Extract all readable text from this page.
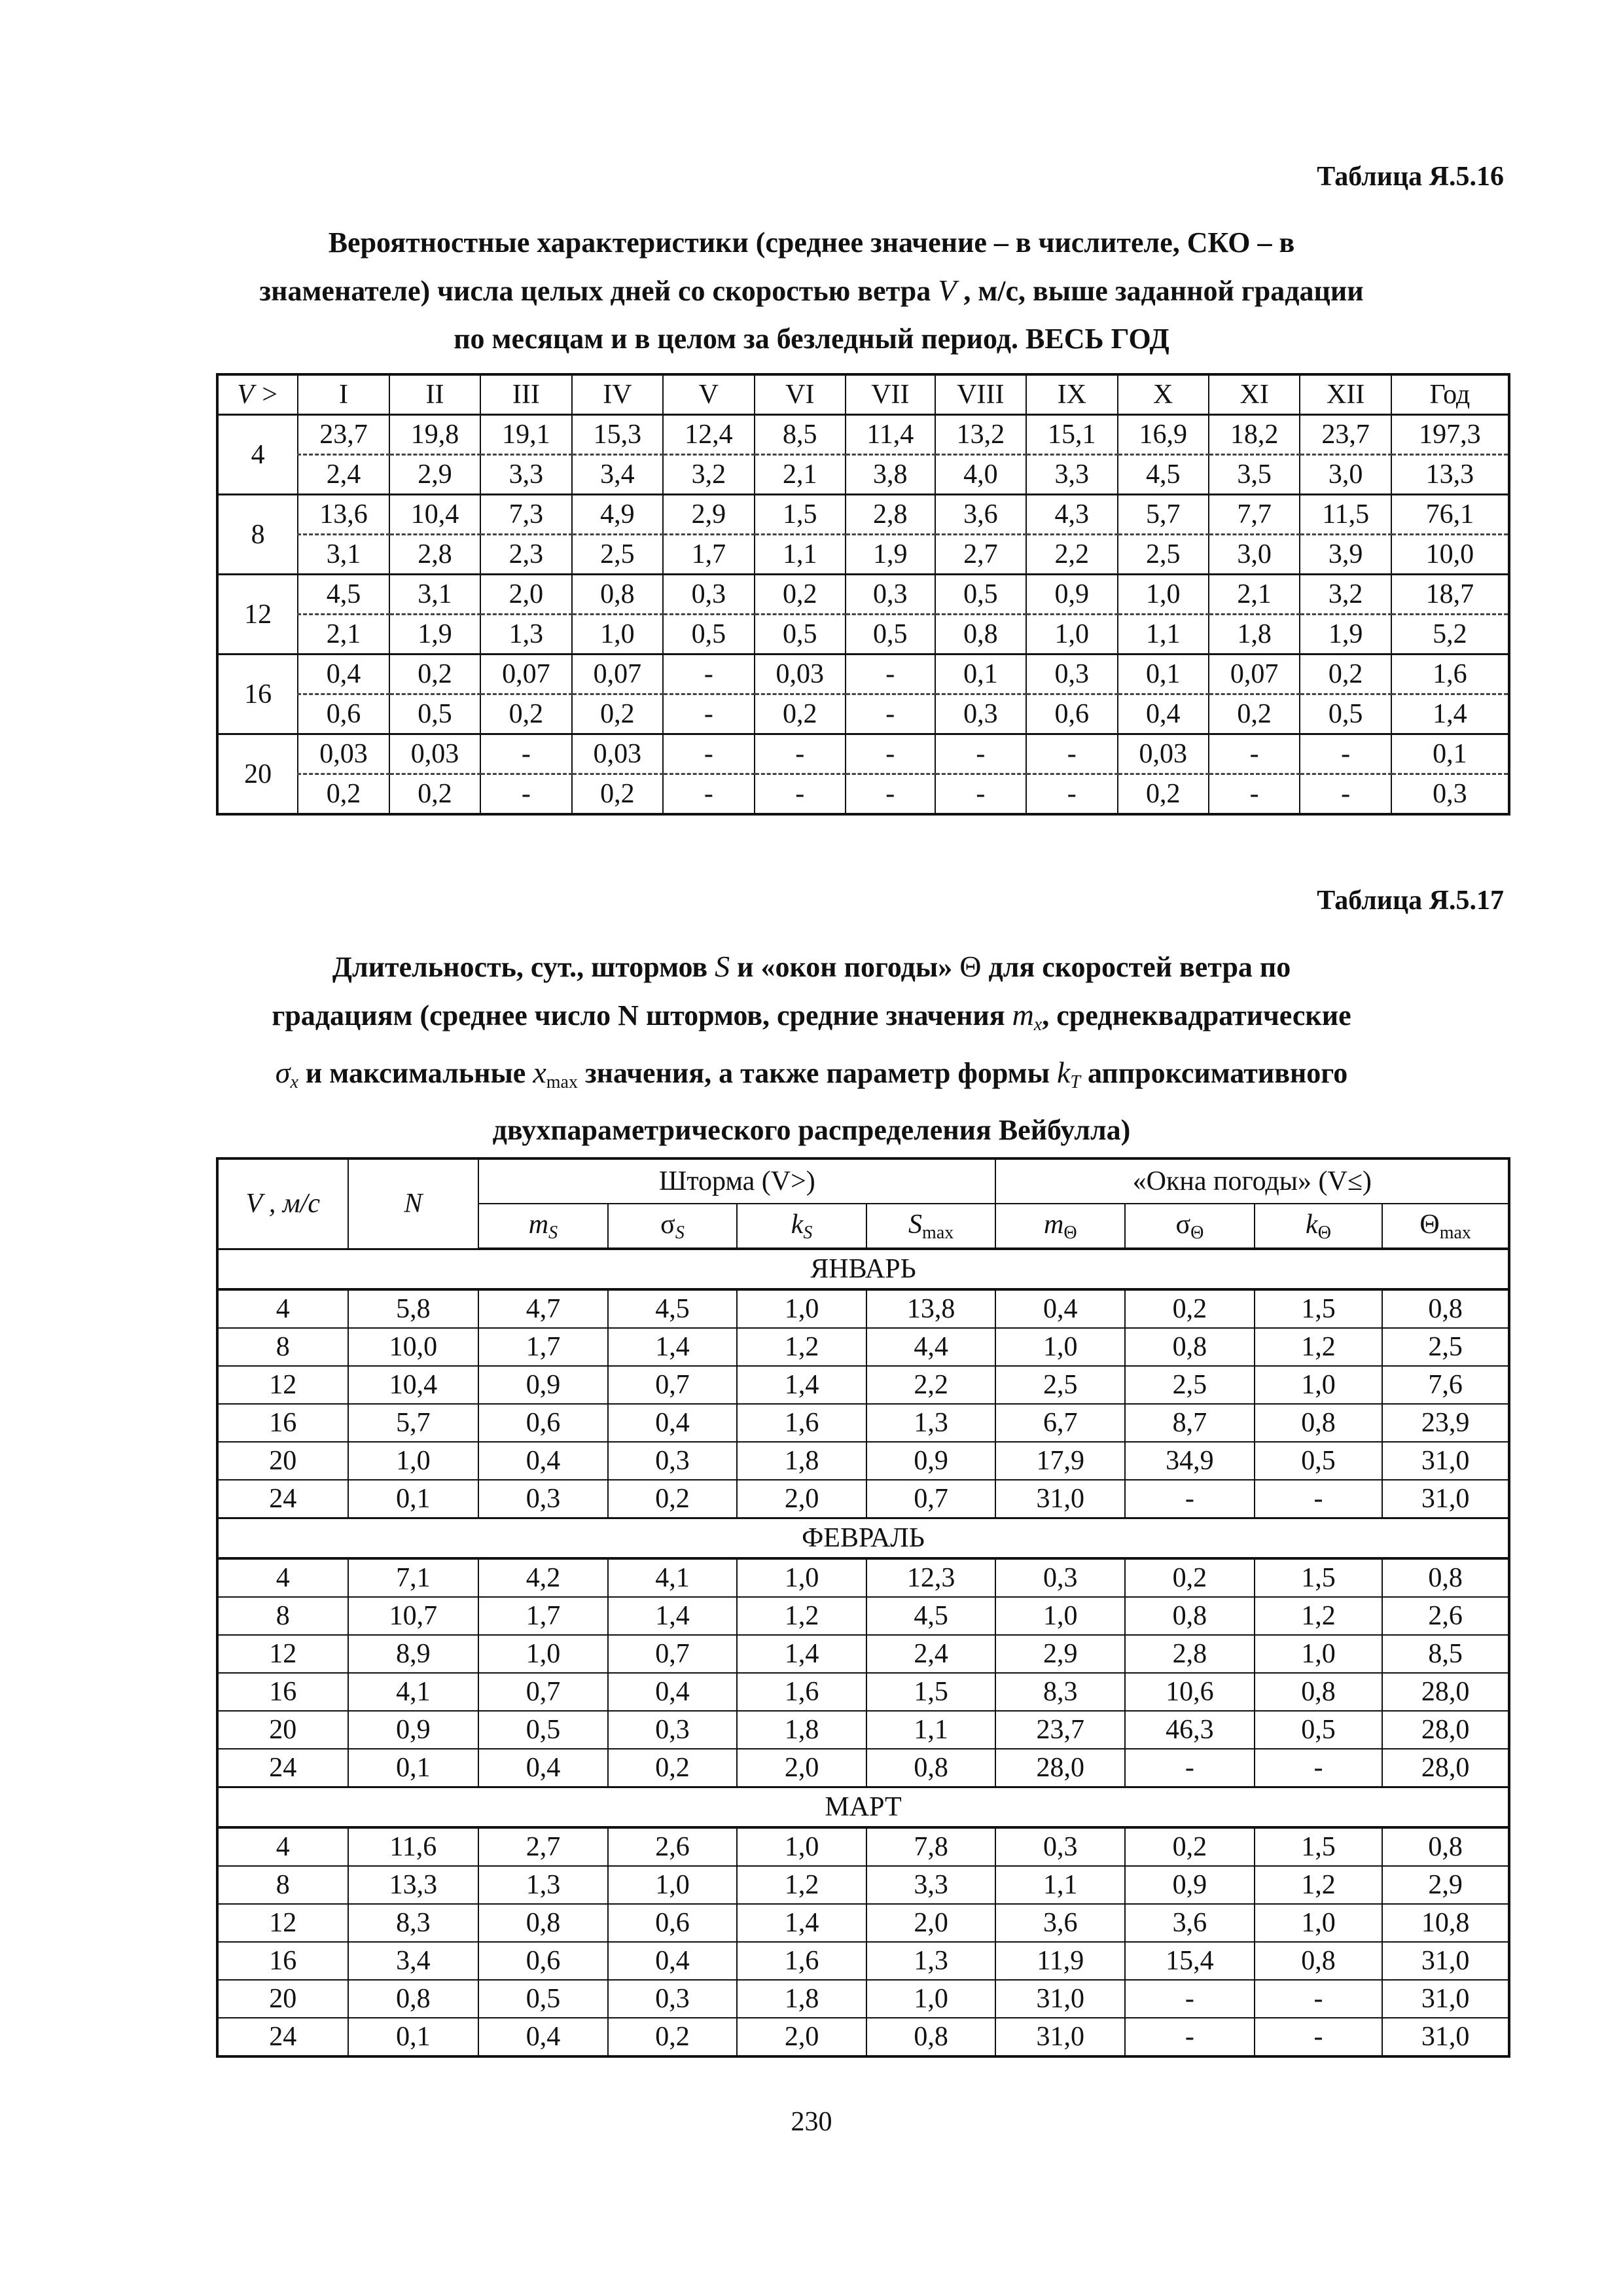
Таблица Я.5.16
Вероятностные характеристики (среднее значение – в числителе, СКО – в
знаменателе) числа целых дней со скоростью ветра V , м/с, выше заданной градации
по месяцам и в целом за безледный период. ВЕСЬ ГОД
V >	I	II	III	IV	V	VI	VII	VIII	IX	X	XI	XII	Год
4	23,7	19,8	19,1	15,3	12,4	8,5	11,4	13,2	15,1	16,9	18,2	23,7	197,3
	2,4	2,9	3,3	3,4	3,2	2,1	3,8	4,0	3,3	4,5	3,5	3,0	13,3
8	13,6	10,4	7,3	4,9	2,9	1,5	2,8	3,6	4,3	5,7	7,7	11,5	76,1
	3,1	2,8	2,3	2,5	1,7	1,1	1,9	2,7	2,2	2,5	3,0	3,9	10,0
12	4,5	3,1	2,0	0,8	0,3	0,2	0,3	0,5	0,9	1,0	2,1	3,2	18,7
	2,1	1,9	1,3	1,0	0,5	0,5	0,5	0,8	1,0	1,1	1,8	1,9	5,2
16	0,4	0,2	0,07	0,07	-	0,03	-	0,1	0,3	0,1	0,07	0,2	1,6
	0,6	0,5	0,2	0,2	-	0,2	-	0,3	0,6	0,4	0,2	0,5	1,4
20	0,03	0,03	-	0,03	-	-	-	-	-	0,03	-	-	0,1
	0,2	0,2	-	0,2	-	-	-	-	-	0,2	-	-	0,3
Таблица Я.5.17
Длительность, сут., штормов S и «окон погоды» Θ для скоростей ветра по
градациям (среднее число N штормов, средние значения mx, среднеквадратические
σx и максимальные $x_{max}$ значения, а также параметр формы kT аппроксимативного
двухпараметрического распределения Вейбулла)
V , м/с	N	Шторма (V>)				«Окна погоды» (V≤)			
		$m_S$	$\sigma_S$	$k_S$	$S_{max}$	$m_\Theta$	$\sigma_\Theta$	$k_\Theta$	$\Theta_{max}$
ЯНВАРЬ									
4	5,8	4,7	4,5	1,0	13,8	0,4	0,2	1,5	0,8
8	10,0	1,7	1,4	1,2	4,4	1,0	0,8	1,2	2,5
12	10,4	0,9	0,7	1,4	2,2	2,5	2,5	1,0	7,6
16	5,7	0,6	0,4	1,6	1,3	6,7	8,7	0,8	23,9
20	1,0	0,4	0,3	1,8	0,9	17,9	34,9	0,5	31,0
24	0,1	0,3	0,2	2,0	0,7	31,0	-	-	31,0
ФЕВРАЛЬ									
4	7,1	4,2	4,1	1,0	12,3	0,3	0,2	1,5	0,8
8	10,7	1,7	1,4	1,2	4,5	1,0	0,8	1,2	2,6
12	8,9	1,0	0,7	1,4	2,4	2,9	2,8	1,0	8,5
16	4,1	0,7	0,4	1,6	1,5	8,3	10,6	0,8	28,0
20	0,9	0,5	0,3	1,8	1,1	23,7	46,3	0,5	28,0
24	0,1	0,4	0,2	2,0	0,8	28,0	-	-	28,0
МАРТ									
4	11,6	2,7	2,6	1,0	7,8	0,3	0,2	1,5	0,8
8	13,3	1,3	1,0	1,2	3,3	1,1	0,9	1,2	2,9
12	8,3	0,8	0,6	1,4	2,0	3,6	3,6	1,0	10,8
16	3,4	0,6	0,4	1,6	1,3	11,9	15,4	0,8	31,0
20	0,8	0,5	0,3	1,8	1,0	31,0	-	-	31,0
24	0,1	0,4	0,2	2,0	0,8	31,0	-	-	31,0
230
